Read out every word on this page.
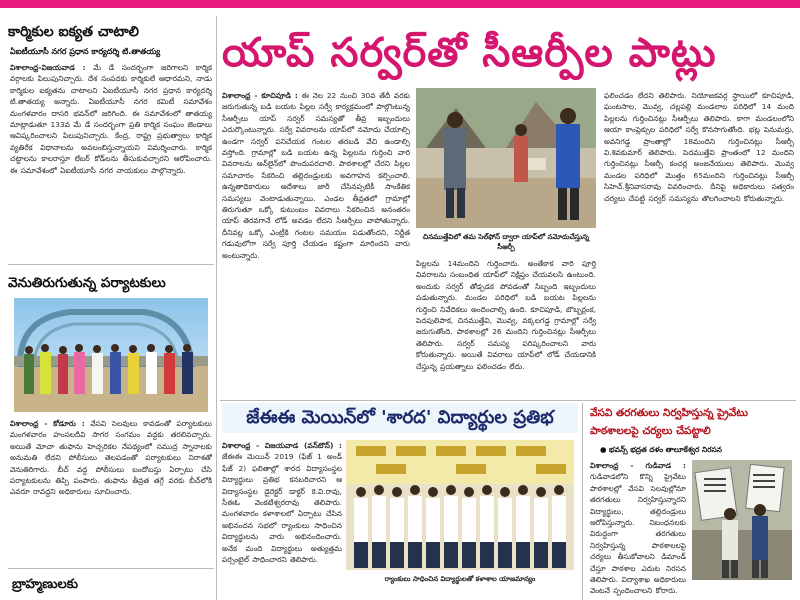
కార్మికుల ఐక్యత చాటాలి
ఏఐటీయూసీ నగర ప్రధాన కార్యదర్శి టి.తాతయ్య
విశాలాంధ్ర-విజయవాడ : మే డే సందర్భంగా జరిగాలని కార్మిక వర్గాలకు పిలుపునిచ్చారు. దేశ సంపదకు కార్మికులే ఆధారమని, నాడు కార్మికుల ఐక్యతను చాటాలని ఏఐటీయూసీ నగర ప్రధాన కార్యదర్శి టి.తాతయ్య అన్నారు. ఏఐటీయూసీ నగర కమిటీ సమావేశం మంగళవారం దాసరి భవన్‌లో జరిగింది. ఈ సమావేశంలో తాతయ్య మాట్లాడుతూ 133వ మే డే సందర్భంగా ప్రతి కార్మిక సంఘం జెండాలు ఆవిష్కరించాలని పిలుపునిచ్చారు. కేంద్ర, రాష్ట్ర ప్రభుత్వాలు కార్మిక వ్యతిరేక విధానాలను అవలంబిస్తున్నాయని విమర్శించారు. కార్మిక చట్టాలను కాలరాస్తూ లేబర్ కోడ్‌లను తీసుకువచ్చారని ఆరోపించారు. ఈ సమావేశంలో ఏఐటీయూసీ నగర నాయకులు పాల్గొన్నారు.
వెనుతిరుగుతున్న పర్యాటకులు
విశాలాంధ్ర - కోడూరు : వేసవి సెలవులు కావడంతో పర్యాటకులు మంగళవారం హంసలదీవి సాగర సంగమం వద్దకు తరలివచ్చారు. అయితే మోచా తుఫాను హెచ్చరికల నేపథ్యంలో సముద్ర స్నానాలకు అనుమతి లేదని పోలీసులు తెలపడంతో పర్యాటకులు నిరాశతో వెనుతిరిగారు. బీచ్ వద్ద పోలీసులు బందోబస్తు ఏర్పాటు చేసి పర్యాటకులను తిప్పి పంపారు. తుఫాను తీవ్రత తగ్గే వరకు బీచ్‌లోకి ఎవరూ రావద్దని అధికారులు సూచించారు.
బ్రాహ్మణులకు
యాప్ సర్వర్‌తో సీఆర్పీల పాట్లు
విశాలాంధ్ర - కూచిపూడి : ఈ నెల 22 నుంచి 30వ తేదీ వరకు జరుగుతున్న బడి బయట పిల్లల సర్వే కార్యక్రమంలో పాల్గొంటున్న సీఆర్పీలు యాప్ సర్వర్ సమస్యతో తీవ్ర ఇబ్బందులు ఎదుర్కొంటున్నారు. సర్వే వివరాలను యాప్‌లో నమోదు చేయాల్సి ఉండగా సర్వర్ పనిచేయక గంటల తరబడి వేచి ఉండాల్సి వస్తోంది. గ్రామాల్లో బడి బయట ఉన్న పిల్లలను గుర్తించి వారి వివరాలను ఆన్‌లైన్‌లో పొందుపరచాలి. పాఠశాలల్లో చేరని పిల్లల సమాచారం సేకరించి తల్లిదండ్రులకు అవగాహన కల్పించాలి. ఉన్నతాధికారులు ఆదేశాలు జారీ చేసినప్పటికీ సాంకేతిక సమస్యలు వెంటాడుతున్నాయి. ఎండల తీవ్రతలో గ్రామాల్లో తిరుగుతూ ఒక్కో కుటుంబం వివరాలు సేకరించిన అనంతరం యాప్ తెరవగానే లోడ్ అవడం లేదని సీఆర్పీలు వాపోతున్నారు. దీనివల్ల ఒక్కో ఎంట్రీకి గంటల సమయం పడుతోందని, నిర్ణీత గడువులోగా సర్వే పూర్తి చేయడం కష్టంగా మారిందని వారు అంటున్నారు.
చినముత్తేవిలో తమ సెల్‌ఫోన్ ద్వారా యాప్‌లో నమోదుచేస్తున్న సీఆర్పీ
పిల్లలను 14మందిని గుర్తించారు. అంతేకాక వారి పూర్తి వివరాలను సంబంధిత యాప్‌లో నిక్షిప్తం చేయవలసి ఉంటుంది. అందుకు సర్వర్ తోడ్పడక పోవడంతో సిబ్బంది ఇబ్బందులు పడుతున్నారు. మండల పరిధిలో బడి బయట పిల్లలను గుర్తించి నివేదికలు అందించాల్సి ఉంది. కూచిపూడి, బొబ్బర్లంక, పెదపులిపాక, చినముత్తేవి, మొవ్వ, వక్కలగడ్డ గ్రామాల్లో సర్వే జరుగుతోంది. పాఠశాలల్లో 26 మందిని గుర్తించినట్లు సీఆర్పీలు తెలిపారు. సర్వర్ సమస్య పరిష్కరించాలని వారు కోరుతున్నారు. అయితే వివరాలు యాప్‌లో లోడ్ చేయడానికి చేస్తున్న ప్రయత్నాలు ఫలించడం లేదు.
ఫలించడం లేదని తెలిపారు. నియోజకవర్గ స్థాయిలో కూచిపూడి, ఘంటసాల, మొవ్వ, చల్లపల్లి మండలాల పరిధిలో 14 మంది పిల్లలను గుర్తించినట్లు సీఆర్పీలు తెలిపారు. కాగా మండలంలోని ఆయా కాంప్లెక్సుల పరిధిలో సర్వే కొనసాగుతోంది. భట్ల పెనుమర్రు, అవనిగడ్డ ప్రాంతాల్లో 18మందిని గుర్తించినట్లు సీఆర్పీ వి.శివకుమార్ తెలిపారు. పెదముత్తేవి ప్రాంతంలో 12 మందిని గుర్తించినట్లు సీఆర్పీ కంచర్ల అంజనేయులు తెలిపారు. మొవ్వ మండల పరిధిలో మొత్తం 65మందిని గుర్తించినట్లు సీఆర్పీ సిహెచ్.శ్రీనివాసరావు వివరించారు. దీనిపై అధికారులు సత్వరం చర్యలు చేపట్టి సర్వర్ సమస్యను తొలగించాలని కోరుతున్నారు.
జేఈఈ మెయిన్‌లో 'శారద' విద్యార్థుల ప్రతిభ
విశాలాంధ్ర - విజయవాడ (వన్‌టౌన్) : జేఈఈ మెయిన్ 2019 (ఫేజ్ 1 అండ్ ఫేజ్ 2) ఫలితాల్లో శారద విద్యాసంస్థల విద్యార్థులు ప్రతిభ కనబరిచారని ఆ విద్యాసంస్థల డైరెక్టర్ డాక్టర్ కె.వి.రావు, సీఈఓ వెంకటేశ్వరరావు తెలిపారు. మంగళవారం కళాశాలలో ఏర్పాటు చేసిన అభినందన సభలో ర్యాంకులు సాధించిన విద్యార్థులను వారు అభినందించారు. అనేక మంది విద్యార్థులు అత్యుత్తమ పర్సంటైల్ సాధించారని తెలిపారు.
ర్యాంకులు సాధించిన విద్యార్థులతో కళాశాల యాజమాన్యం
వేసవి తరగతులు నిర్వహిస్తున్న ప్రైవేటు
పాఠశాలలపై చర్యలు చేపట్టాలి
● భవన్స్ భద్రత దళం తాలూకేశ్వర నిరసన
విశాలాంధ్ర - గుడివాడ : గుడివాడలోని కొన్ని ప్రైవేటు పాఠశాలల్లో వేసవి సెలవుల్లోనూ తరగతులు నిర్వహిస్తున్నారని విద్యార్థులు, తల్లిదండ్రులు ఆరోపిస్తున్నారు. నిబంధనలకు విరుద్ధంగా తరగతులు నిర్వహిస్తున్న పాఠశాలలపై చర్యలు తీసుకోవాలని డిమాండ్ చేస్తూ పాఠశాల ఎదుట నిరసన తెలిపారు. విద్యాశాఖ అధికారులు వెంటనే స్పందించాలని కోరారు.
